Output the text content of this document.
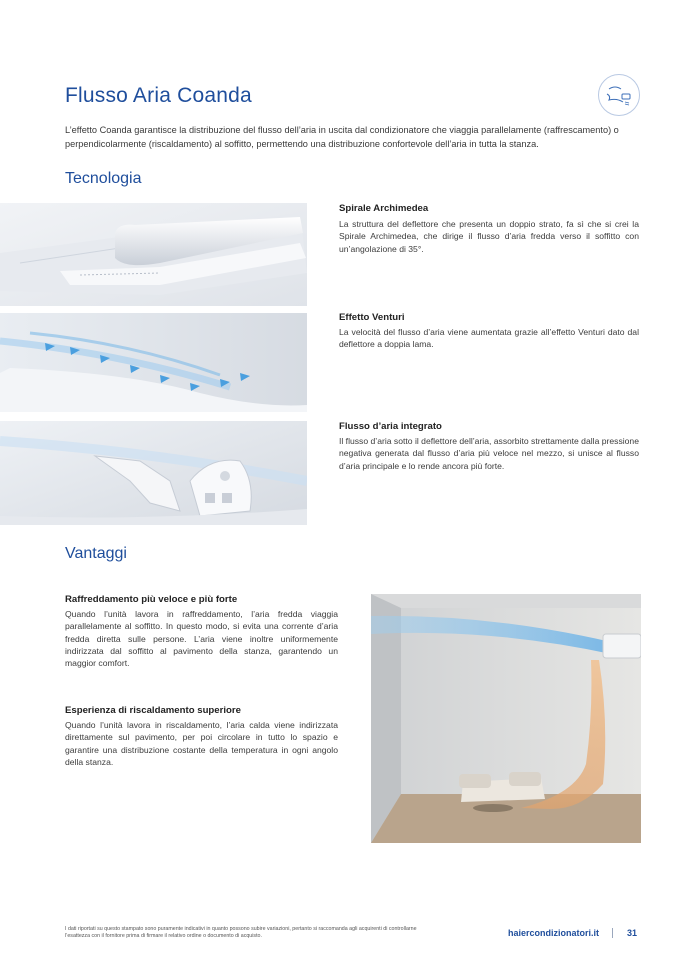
Flusso Aria Coanda
L’effetto Coanda garantisce la distribuzione del flusso dell’aria in uscita dal condizionatore che viaggia parallelamente (raffrescamento) o perpendicolarmente (riscaldamento) al soffitto, permettendo una distribuzione confortevole dell’aria in tutta la stanza.
Tecnologia
Spirale Archimedea
La struttura del deflettore che presenta un doppio strato, fa sì che si crei la Spirale Archimedea, che dirige il flusso d’aria fredda verso il soffitto con un’angolazione di 35°.
Effetto Venturi
La velocità del flusso d’aria viene aumentata grazie all’effetto Venturi dato dal deflettore a doppia lama.
Flusso d’aria integrato
Il flusso d’aria sotto il deflettore dell’aria, assorbito strettamente dalla pressione negativa generata dal flusso d’aria più veloce nel mezzo, si unisce al flusso d’aria principale e lo rende ancora più forte.
Vantaggi
Raffreddamento più veloce e più forte
Quando l’unità lavora in raffreddamento, l’aria fredda viaggia parallelamente al soffitto. In questo modo, si evita una corrente d’aria fredda diretta sulle persone. L’aria viene inoltre uniformemente indirizzata dal soffitto al pavimento della stanza, garantendo un maggior comfort.
Esperienza di riscaldamento superiore
Quando l’unità lavora in riscaldamento, l’aria calda viene indirizzata direttamente sul pavimento, per poi circolare in tutto lo spazio e garantire una distribuzione costante della temperatura in ogni angolo della stanza.
I dati riportati su questo stampato sono puramente indicativi in quanto possono subire variazioni, pertanto si raccomanda agli acquirenti di controllarne l’esattezza con il fornitore prima di firmare il relativo ordine o documento di acquisto.	haiercondizionatori.it	31
